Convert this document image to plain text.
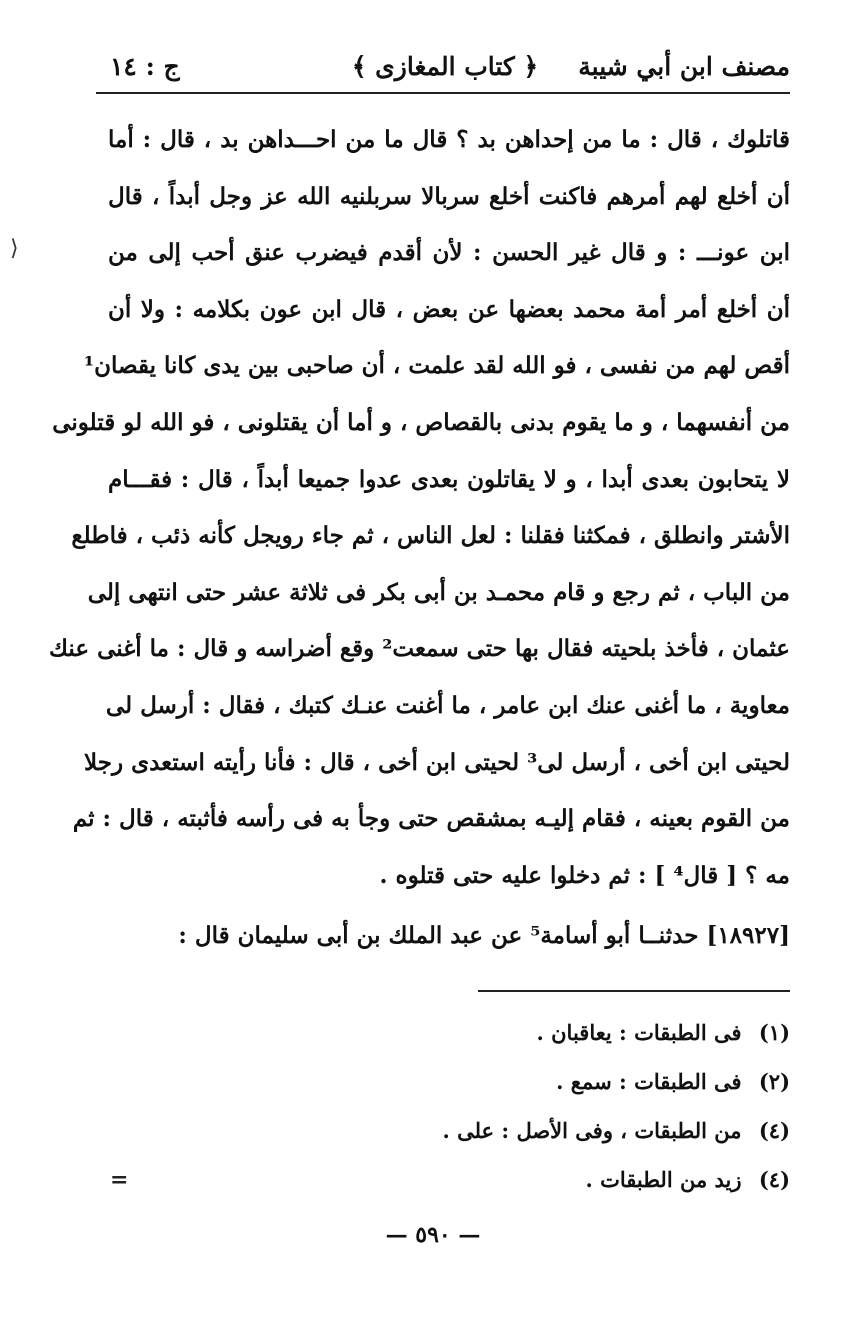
مصنف ابن أبي شيبة
﴿ كتاب المغازى ﴾
ج : ١٤
قاتلوك ، قال : ما من إحداهن بد ؟ قال ما من احـــداهن بد ، قال : أما
أن أخلع لهم أمرهم فاكنت أخلع سربالا سربلنيه الله عز وجل أبداً ، قال
ابن عونـــ : و قال غير الحسن : لأن أقدم فيضرب عنق أحب إلى من
أن أخلع أمر أمة محمد بعضها عن بعض ، قال ابن عون بكلامه : ولا أن
أقص لهم من نفسى ، فو الله لقد علمت ، أن صاحبى بين يدى كانا يقصان¹
من أنفسهما ، و ما يقوم بدنى بالقصاص ، و أما أن يقتلونى ، فو الله لو قتلونى
لا يتحابون بعدى أبدا ، و لا يقاتلون بعدى عدوا جميعا أبداً ، قال : فقـــام
الأشتر وانطلق ، فمكثنا فقلنا : لعل الناس ، ثم جاء رويجل كأنه ذئب ، فاطلع
من الباب ، ثم رجع و قام محمـد بن أبى بكر فى ثلاثة عشر حتى انتهى إلى
عثمان ، فأخذ بلحيته فقال بها حتى سمعت² وقع أضراسه و قال : ما أغنى عنك
معاوية ، ما أغنى عنك ابن عامر ، ما أغنت عنـك كتبك ، فقال : أرسل لى
لحيتى ابن أخى ، أرسل لى³ لحيتى ابن أخى ، قال : فأنا رأيته استعدى رجلا
من القوم بعينه ، فقام إليـه بمشقص حتى وجأ به فى رأسه فأثبته ، قال : ثم
مه ؟ [ قال⁴ ] : ثم دخلوا عليه حتى قتلوه .
[١٨٩٢٧] حدثنــا أبو أسامة⁵ عن عبد الملك بن أبى سليمان قال :
(١) فى الطبقات : يعاقبان .
(٢) فى الطبقات : سمع .
(٤) من الطبقات ، وفى الأصل : على .
(٤) زيد من الطبقات .
=
— ٥٩٠ —
⟩
